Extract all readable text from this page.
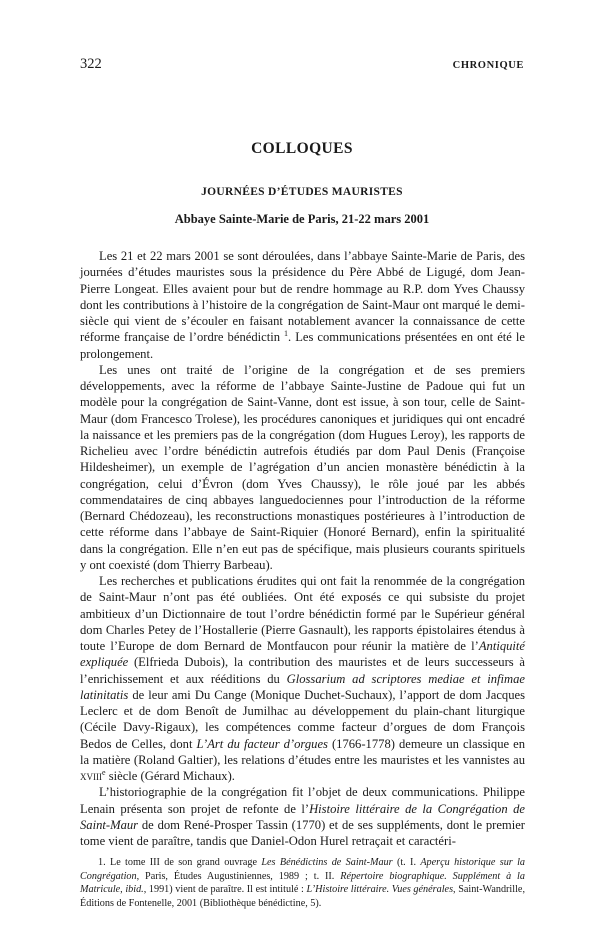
322	CHRONIQUE
COLLOQUES
JOURNÉES D’ÉTUDES MAURISTES
Abbaye Sainte-Marie de Paris, 21-22 mars 2001

Les 21 et 22 mars 2001 se sont déroulées, dans l’abbaye Sainte-Marie de Paris, des journées d’études mauristes sous la présidence du Père Abbé de Ligugé, dom Jean-Pierre Longeat. Elles avaient pour but de rendre hommage au R.P. dom Yves Chaussy dont les contributions à l’histoire de la congrégation de Saint-Maur ont marqué le demi-siècle qui vient de s’écouler en faisant notablement avancer la connaissance de cette réforme française de l’ordre bénédictin $^1$. Les communications présentées en ont été le prolongement.

Les unes ont traité de l’origine de la congrégation et de ses premiers développements, avec la réforme de l’abbaye Sainte-Justine de Padoue qui fut un modèle pour la congrégation de Saint-Vanne, dont est issue, à son tour, celle de Saint-Maur (dom Francesco Trolese), les procédures canoniques et juridiques qui ont encadré la naissance et les premiers pas de la congrégation (dom Hugues Leroy), les rapports de Richelieu avec l’ordre bénédictin autrefois étudiés par dom Paul Denis (Françoise Hildesheimer), un exemple de l’agrégation d’un ancien monastère bénédictin à la congrégation, celui d’Évron (dom Yves Chaussy), le rôle joué par les abbés commendataires de cinq abbayes languedociennes pour l’introduction de la réforme (Bernard Chédozeau), les reconstructions monastiques postérieures à l’introduction de cette réforme dans l’abbaye de Saint-Riquier (Honoré Bernard), enfin la spiritualité dans la congrégation. Elle n’en eut pas de spécifique, mais plusieurs courants spirituels y ont coexisté (dom Thierry Barbeau).

Les recherches et publications érudites qui ont fait la renommée de la congrégation de Saint-Maur n’ont pas été oubliées. Ont été exposés ce qui subsiste du projet ambitieux d’un Dictionnaire de tout l’ordre bénédictin formé par le Supérieur général dom Charles Petey de l’Hostallerie (Pierre Gasnault), les rapports épistolaires étendus à toute l’Europe de dom Bernard de Montfaucon pour réunir la matière de l’Antiquité expliquée (Elfrieda Dubois), la contribution des mauristes et de leurs successeurs à l’enrichissement et aux rééditions du Glossarium ad scriptores mediae et infimae latinitatis de leur ami Du Cange (Monique Duchet-Suchaux), l’apport de dom Jacques Leclerc et de dom Benoît de Jumilhac au développement du plain-chant liturgique (Cécile Davy-Rigaux), les compétences comme facteur d’orgues de dom François Bedos de Celles, dont L’Art du facteur d’orgues (1766-1778) demeure un classique en la matière (Roland Galtier), les relations d’études entre les mauristes et les vannistes au xviii$^e$ siècle (Gérard Michaux).

L’historiographie de la congrégation fit l’objet de deux communications. Philippe Lenain présenta son projet de refonte de l’Histoire littéraire de la Congrégation de Saint-Maur de dom René-Prosper Tassin (1770) et de ses suppléments, dont le premier tome vient de paraître, tandis que Daniel-Odon Hurel retraçait et caractéri-

1. Le tome III de son grand ouvrage Les Bénédictins de Saint-Maur (t. I. Aperçu historique sur la Congrégation, Paris, Études Augustiniennes, 1989 ; t. II. Répertoire biographique. Supplément à la Matricule, ibid., 1991) vient de paraître. Il est intitulé : L’Histoire littéraire. Vues générales, Saint-Wandrille, Éditions de Fontenelle, 2001 (Bibliothèque bénédictine, 5).
